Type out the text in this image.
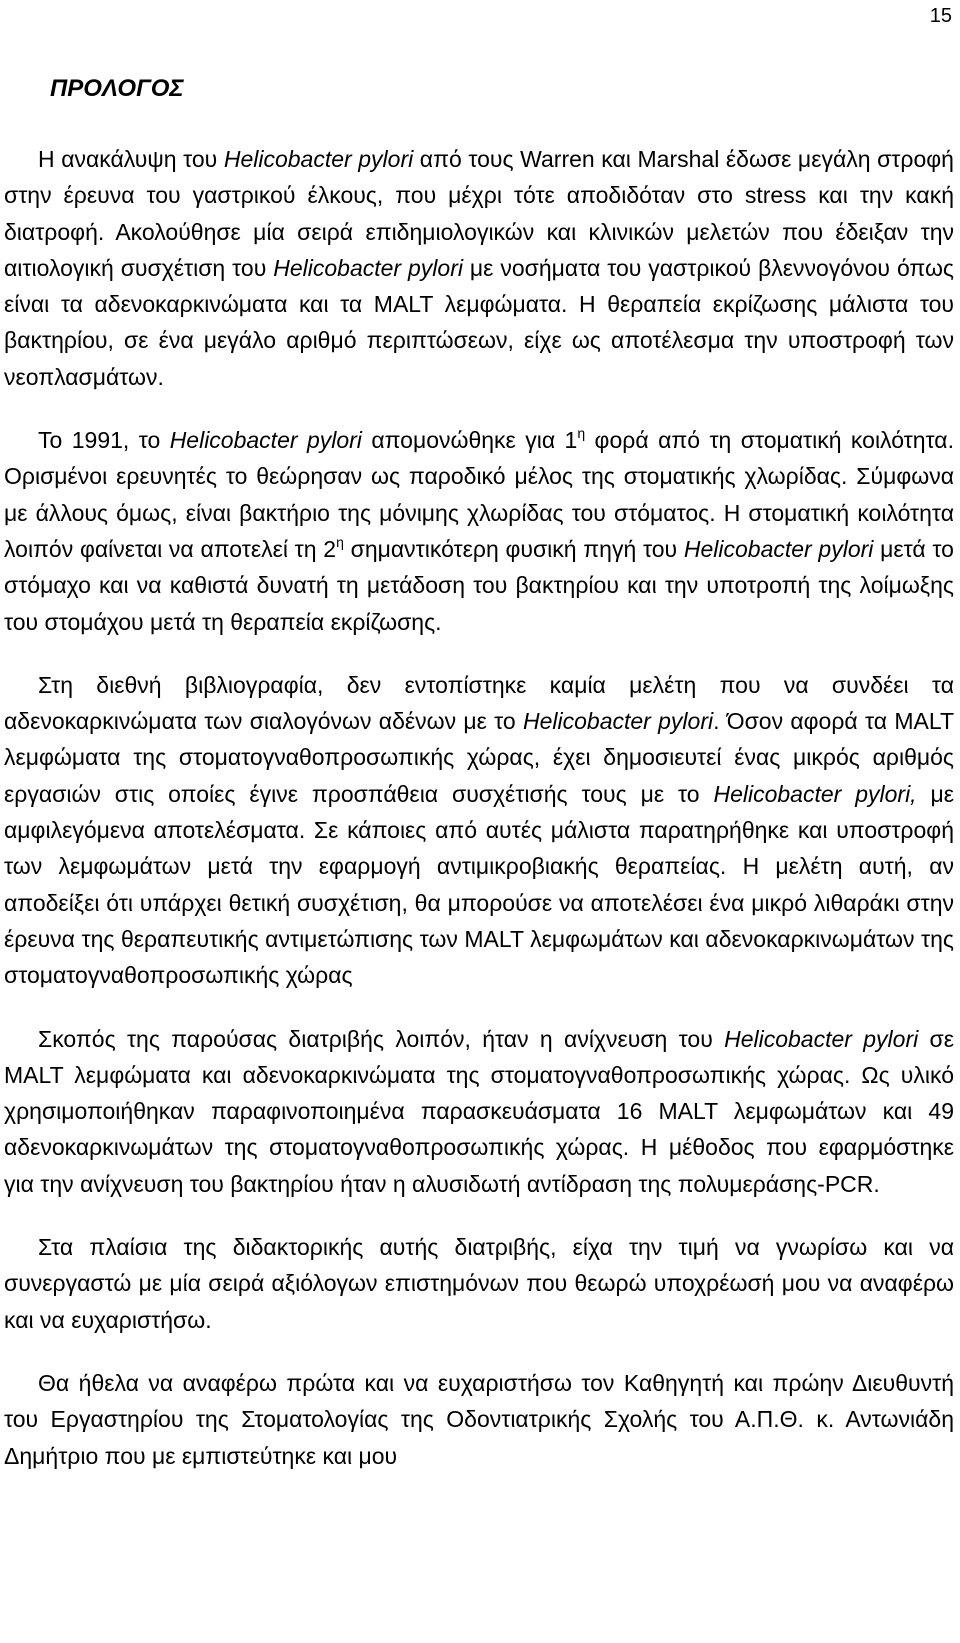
15
ΠΡΟΛΟΓΟΣ

Η ανακάλυψη του Helicobacter pylori από τους Warren και Marshal έδωσε μεγάλη στροφή στην έρευνα του γαστρικού έλκους, που μέχρι τότε αποδιδόταν στο stress και την κακή διατροφή. Ακολούθησε μία σειρά επιδημιολογικών και κλινικών μελετών που έδειξαν την αιτιολογική συσχέτιση του Helicobacter pylori με νοσήματα του γαστρικού βλεννογόνου όπως είναι τα αδενοκαρκινώματα και τα MALT λεμφώματα. Η θεραπεία εκρίζωσης μάλιστα του βακτηρίου, σε ένα μεγάλο αριθμό περιπτώσεων, είχε ως αποτέλεσμα την υποστροφή των νεοπλασμάτων.

Το 1991, το Helicobacter pylori απομονώθηκε για $1^\eta$ φορά από τη στοματική κοιλότητα. Ορισμένοι ερευνητές το θεώρησαν ως παροδικό μέλος της στοματικής χλωρίδας. Σύμφωνα με άλλους όμως, είναι βακτήριο της μόνιμης χλωρίδας του στόματος. Η στοματική κοιλότητα λοιπόν φαίνεται να αποτελεί τη $2^\eta$ σημαντικότερη φυσική πηγή του Helicobacter pylori μετά το στόμαχο και να καθιστά δυνατή τη μετάδοση του βακτηρίου και την υποτροπή της λοίμωξης του στομάχου μετά τη θεραπεία εκρίζωσης.

Στη διεθνή βιβλιογραφία, δεν εντοπίστηκε καμία μελέτη που να συνδέει τα αδενοκαρκινώματα των σιαλογόνων αδένων με το Helicobacter pylori. Όσον αφορά τα MALT λεμφώματα της στοματογναθοπροσωπικής χώρας, έχει δημοσιευτεί ένας μικρός αριθμός εργασιών στις οποίες έγινε προσπάθεια συσχέτισής τους με το Helicobacter pylori, με αμφιλεγόμενα αποτελέσματα. Σε κάποιες από αυτές μάλιστα παρατηρήθηκε και υποστροφή των λεμφωμάτων μετά την εφαρμογή αντιμικροβιακής θεραπείας. Η μελέτη αυτή, αν αποδείξει ότι υπάρχει θετική συσχέτιση, θα μπορούσε να αποτελέσει ένα μικρό λιθαράκι στην έρευνα της θεραπευτικής αντιμετώπισης των MALT λεμφωμάτων και αδενοκαρκινωμάτων της στοματογναθοπροσωπικής χώρας

Σκοπός της παρούσας διατριβής λοιπόν, ήταν η ανίχνευση του Helicobacter pylori σε MALT λεμφώματα και αδενοκαρκινώματα της στοματογναθοπροσωπικής χώρας. Ως υλικό χρησιμοποιήθηκαν παραφινοποιημένα παρασκευάσματα 16 MALT λεμφωμάτων και 49 αδενοκαρκινωμάτων της στοματογναθοπροσωπικής χώρας. Η μέθοδος που εφαρμόστηκε για την ανίχνευση του βακτηρίου ήταν η αλυσιδωτή αντίδραση της πολυμεράσης-PCR.

Στα πλαίσια της διδακτορικής αυτής διατριβής, είχα την τιμή να γνωρίσω και να συνεργαστώ με μία σειρά αξιόλογων επιστημόνων που θεωρώ υποχρέωσή μου να αναφέρω και να ευχαριστήσω.

Θα ήθελα να αναφέρω πρώτα και να ευχαριστήσω τον Καθηγητή και πρώην Διευθυντή του Εργαστηρίου της Στοματολογίας της Οδοντιατρικής Σχολής του Α.Π.Θ. κ. Αντωνιάδη Δημήτριο που με εμπιστεύτηκε και μου
